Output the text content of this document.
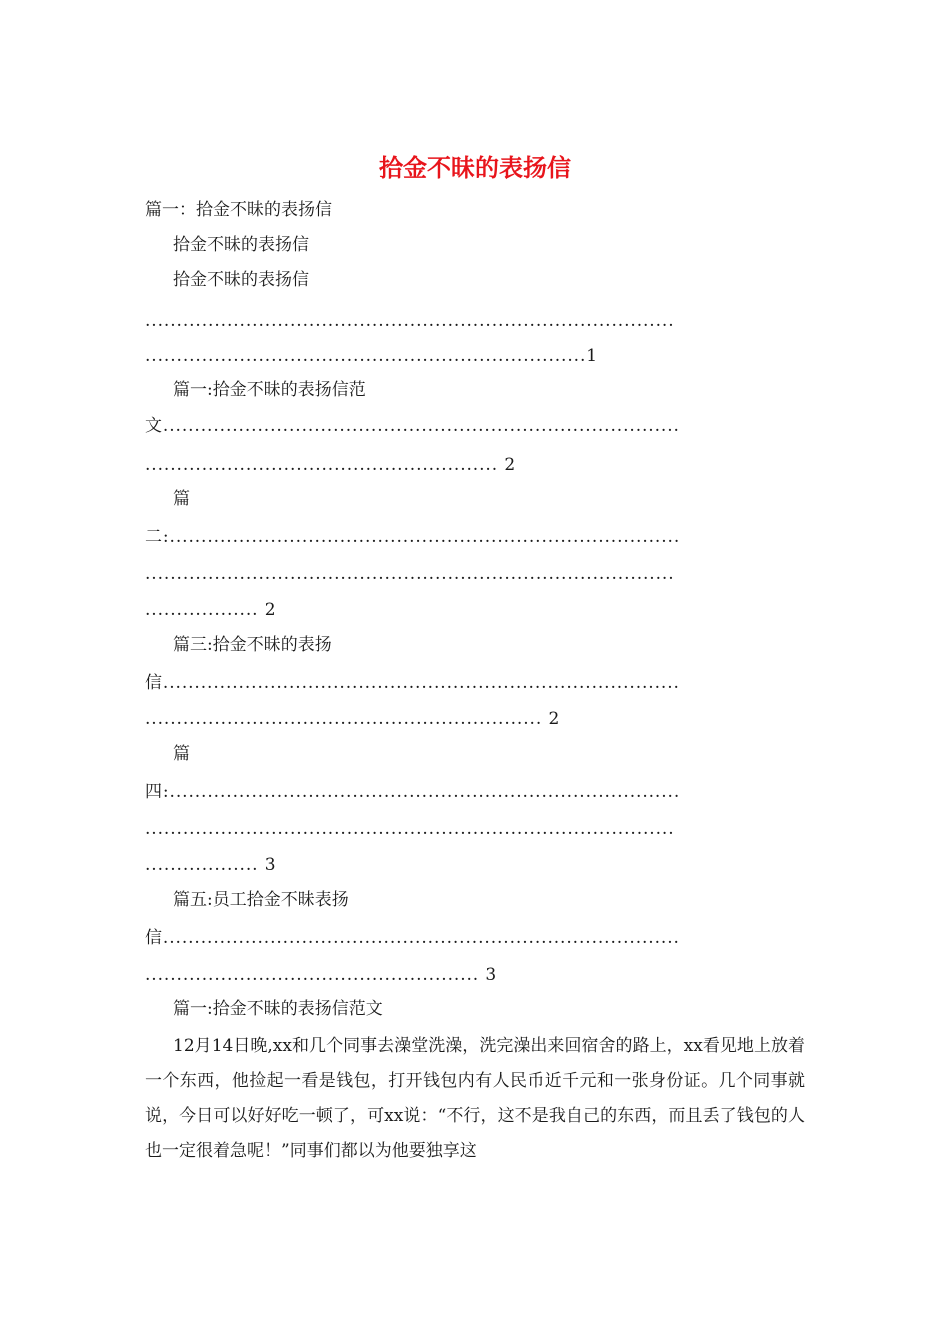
拾金不昧的表扬信
篇一：拾金不昧的表扬信
拾金不昧的表扬信
拾金不昧的表扬信
....................................................................................
......................................................................1
篇一:拾金不昧的表扬信范
文..................................................................................
........................................................ 2
篇
二:.................................................................................
....................................................................................
.................. 2
篇三:拾金不昧的表扬
信..................................................................................
............................................................... 2
篇
四:.................................................................................
....................................................................................
.................. 3
篇五:员工拾金不昧表扬
信..................................................................................
..................................................... 3
篇一:拾金不昧的表扬信范文

12月14日晚,xx和几个同事去澡堂洗澡，洗完澡出来回宿舍的路上，xx看见地上放着一个东西，他捡起一看是钱包，打开钱包内有人民币近千元和一张身份证。几个同事就说，今日可以好好吃一顿了，可xx说：“不行，这不是我自己的东西，而且丢了钱包的人也一定很着急呢！”同事们都以为他要独享这
